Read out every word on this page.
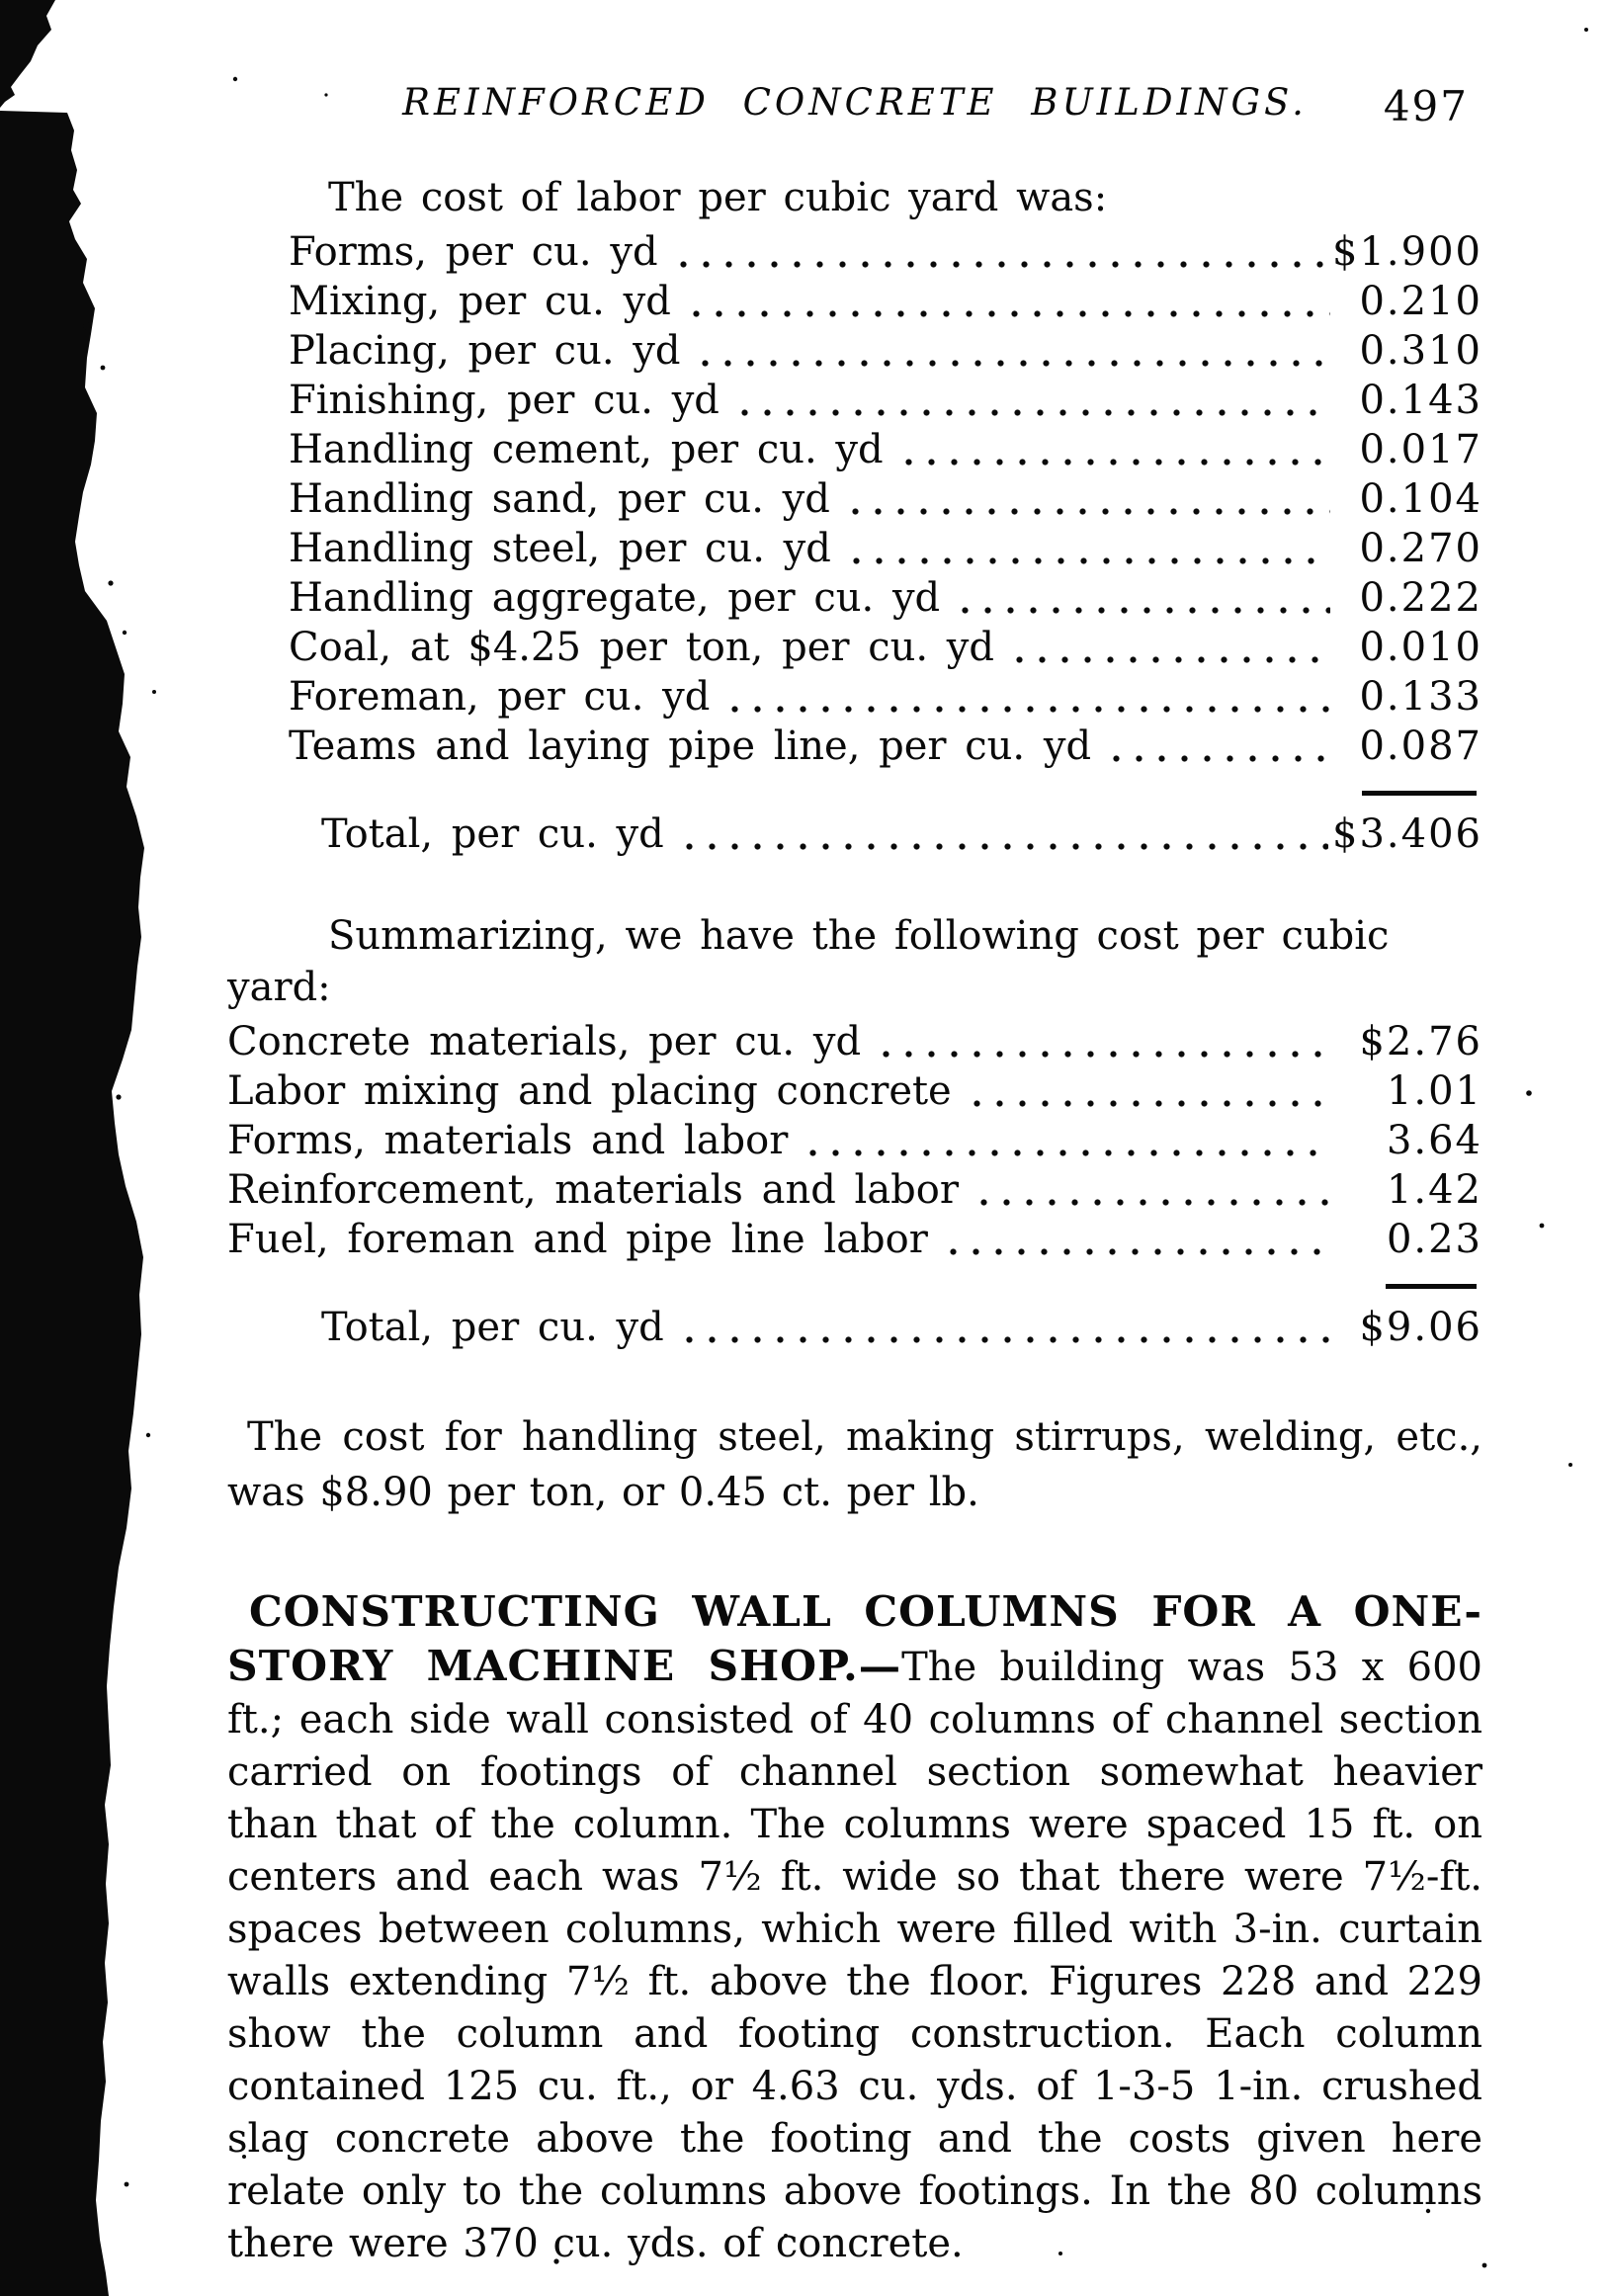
REINFORCED CONCRETE BUILDINGS. 497

The cost of labor per cubic yard was:

Forms, per cu. yd	$1.900
Mixing, per cu. yd	0.210
Placing, per cu. yd	0.310
Finishing, per cu. yd	0.143
Handling cement, per cu. yd	0.017
Handling sand, per cu. yd	0.104
Handling steel, per cu. yd	0.270
Handling aggregate, per cu. yd	0.222
Coal, at $4.25 per ton, per cu. yd	0.010
Foreman, per cu. yd	0.133
Teams and laying pipe line, per cu. yd	0.087
Total, per cu. yd	$3.406

Summarizing, we have the following cost per cubic yard:

Concrete materials, per cu. yd	$2.76
Labor mixing and placing concrete	1.01
Forms, materials and labor	3.64
Reinforcement, materials and labor	1.42
Fuel, foreman and pipe line labor	0.23
Total, per cu. yd	$9.06

The cost for handling steel, making stirrups, welding, etc., was $8.90 per ton, or 0.45 ct. per lb.

CONSTRUCTING WALL COLUMNS FOR A ONE-STORY MACHINE SHOP.—The building was 53 x 600 ft.; each side wall consisted of 40 columns of channel section carried on footings of channel section somewhat heavier than that of the column. The columns were spaced 15 ft. on centers and each was 7½ ft. wide so that there were 7½-ft. spaces between columns, which were filled with 3-in. curtain walls extending 7½ ft. above the floor. Figures 228 and 229 show the column and footing construction. Each column contained 125 cu. ft., or 4.63 cu. yds. of 1-3-5 1-in. crushed slag concrete above the footing and the costs given here relate only to the columns above footings. In the 80 columns there were 370 cu. yds. of concrete.
